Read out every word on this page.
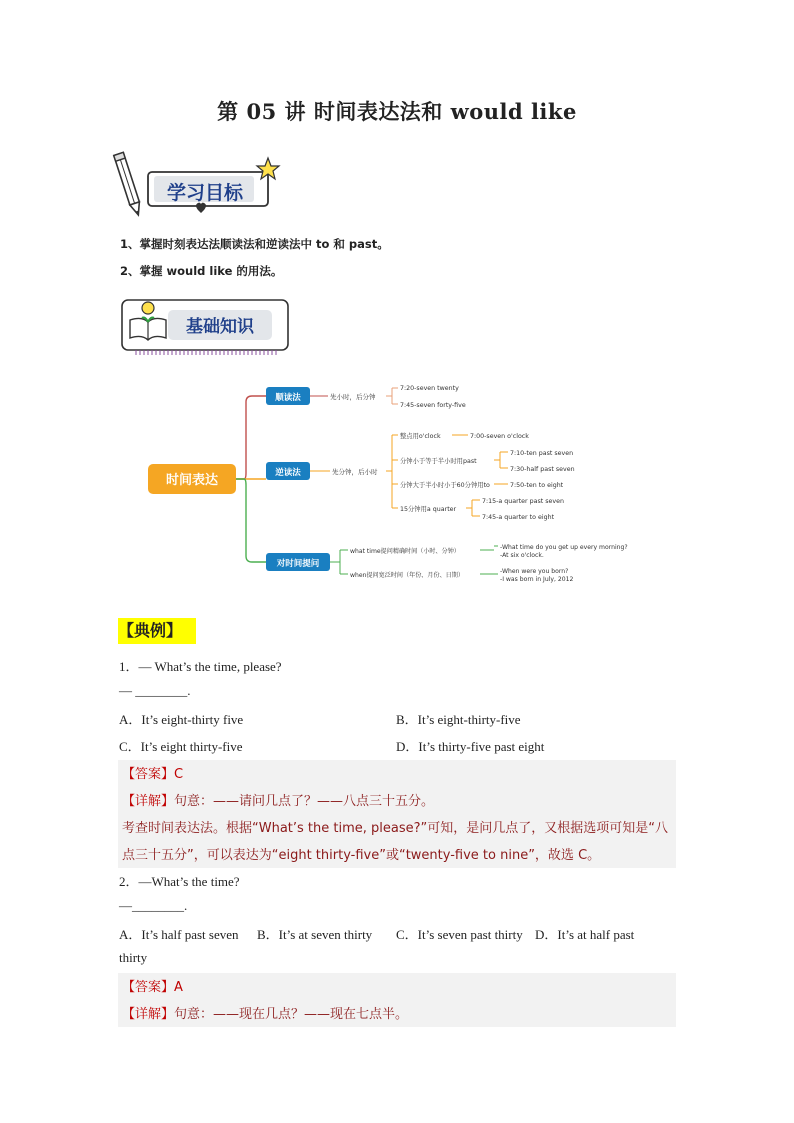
第 05 讲 时间表达法和 would like
学习目标
1、掌握时刻表达法顺读法和逆读法中 to 和 past。
2、掌握 would like 的用法。
基础知识
时间表达
顺读法	先小时，后分钟
7:20-seven twenty
7:45-seven forty-five
逆读法	先分钟，后小时
整点用o'clock	7:00-seven o'clock
分钟小于等于半小时用past
7:10-ten past seven
7:30-half past seven
分钟大于半小时小于60分钟用to	7:50-ten to eight
15分钟用a quarter
7:15-a quarter past seven
7:45-a quarter to eight
对时间提问
what time提问精确时间（小时、分钟）
-What time do you get up every morning?
-At six o'clock.
when提问宽泛时间（年份、月份、日期）
-When were you born?
-I was born in July, 2012
【典例】
1．— What’s the time, please?
— ________.
A．It’s eight-thirty five	B．It’s eight-thirty-five
C．It’s eight thirty-five	D．It’s thirty-five past eight
【答案】C
【详解】句意：——请问几点了？——八点三十五分。
考查时间表达法。根据“What’s the time, please?”可知，是问几点了，又根据选项可知是“八
点三十五分”，可以表达为“eight thirty-five”或“twenty-five to nine”，故选 C。
2．—What’s the time?
—________.
A．It’s half past seven B．It’s at seven thirty C．It’s seven past thirty D．It’s at half past
thirty
【答案】A
【详解】句意：——现在几点？——现在七点半。
